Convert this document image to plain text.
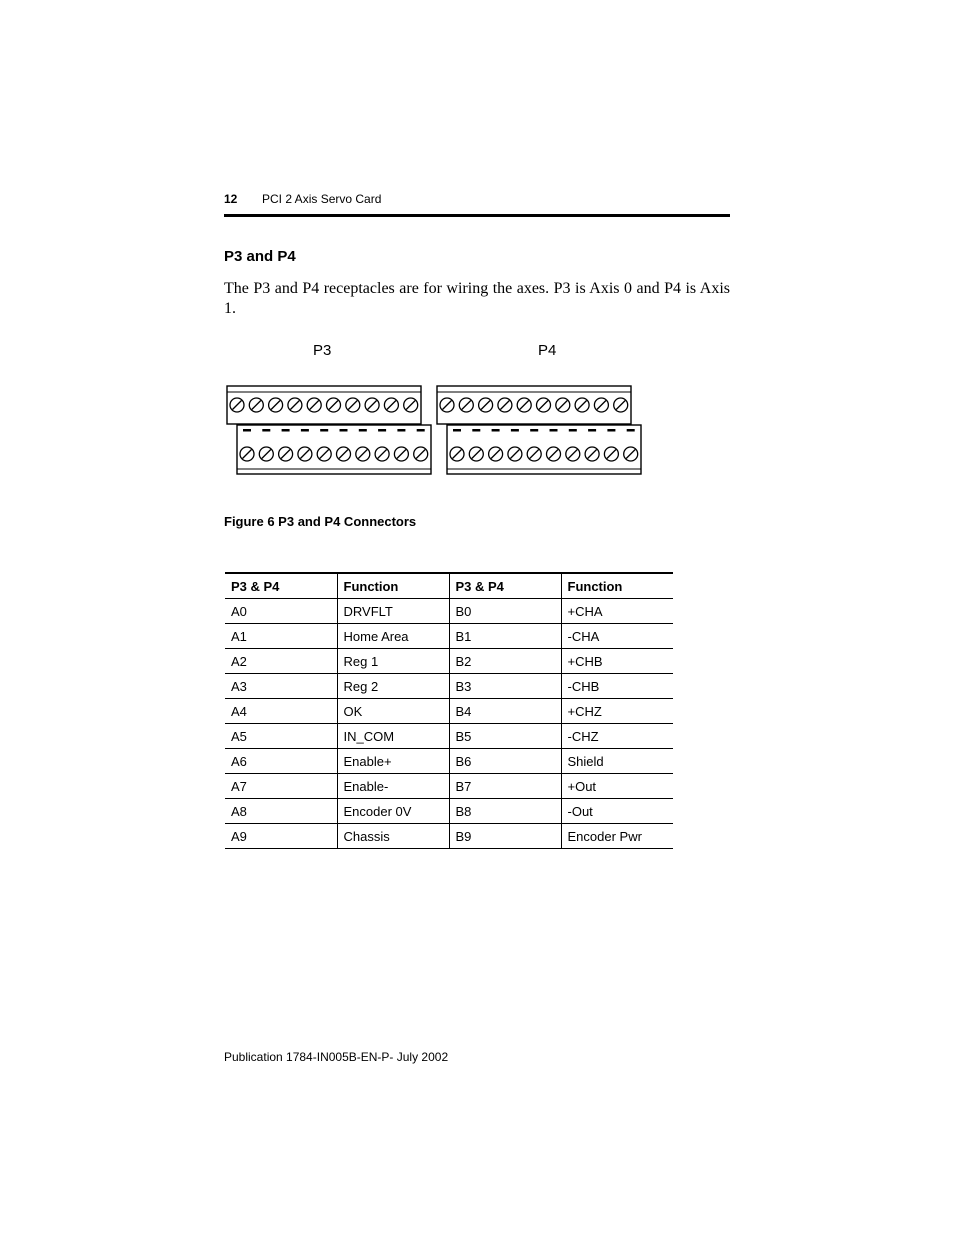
12 PCI 2 Axis Servo Card
P3 and P4
The P3 and P4 receptacles are for wiring the axes. P3 is Axis 0 and P4 is Axis 1.
P3	P4
Figure 6 P3 and P4 Connectors
P3 & P4	Function	P3 & P4	Function
A0	DRVFLT	B0	+CHA
A1	Home Area	B1	-CHA
A2	Reg 1	B2	+CHB
A3	Reg 2	B3	-CHB
A4	OK	B4	+CHZ
A5	IN_COM	B5	-CHZ
A6	Enable+	B6	Shield
A7	Enable-	B7	+Out
A8	Encoder 0V	B8	-Out
A9	Chassis	B9	Encoder Pwr
Publication 1784-IN005B-EN-P- July 2002
